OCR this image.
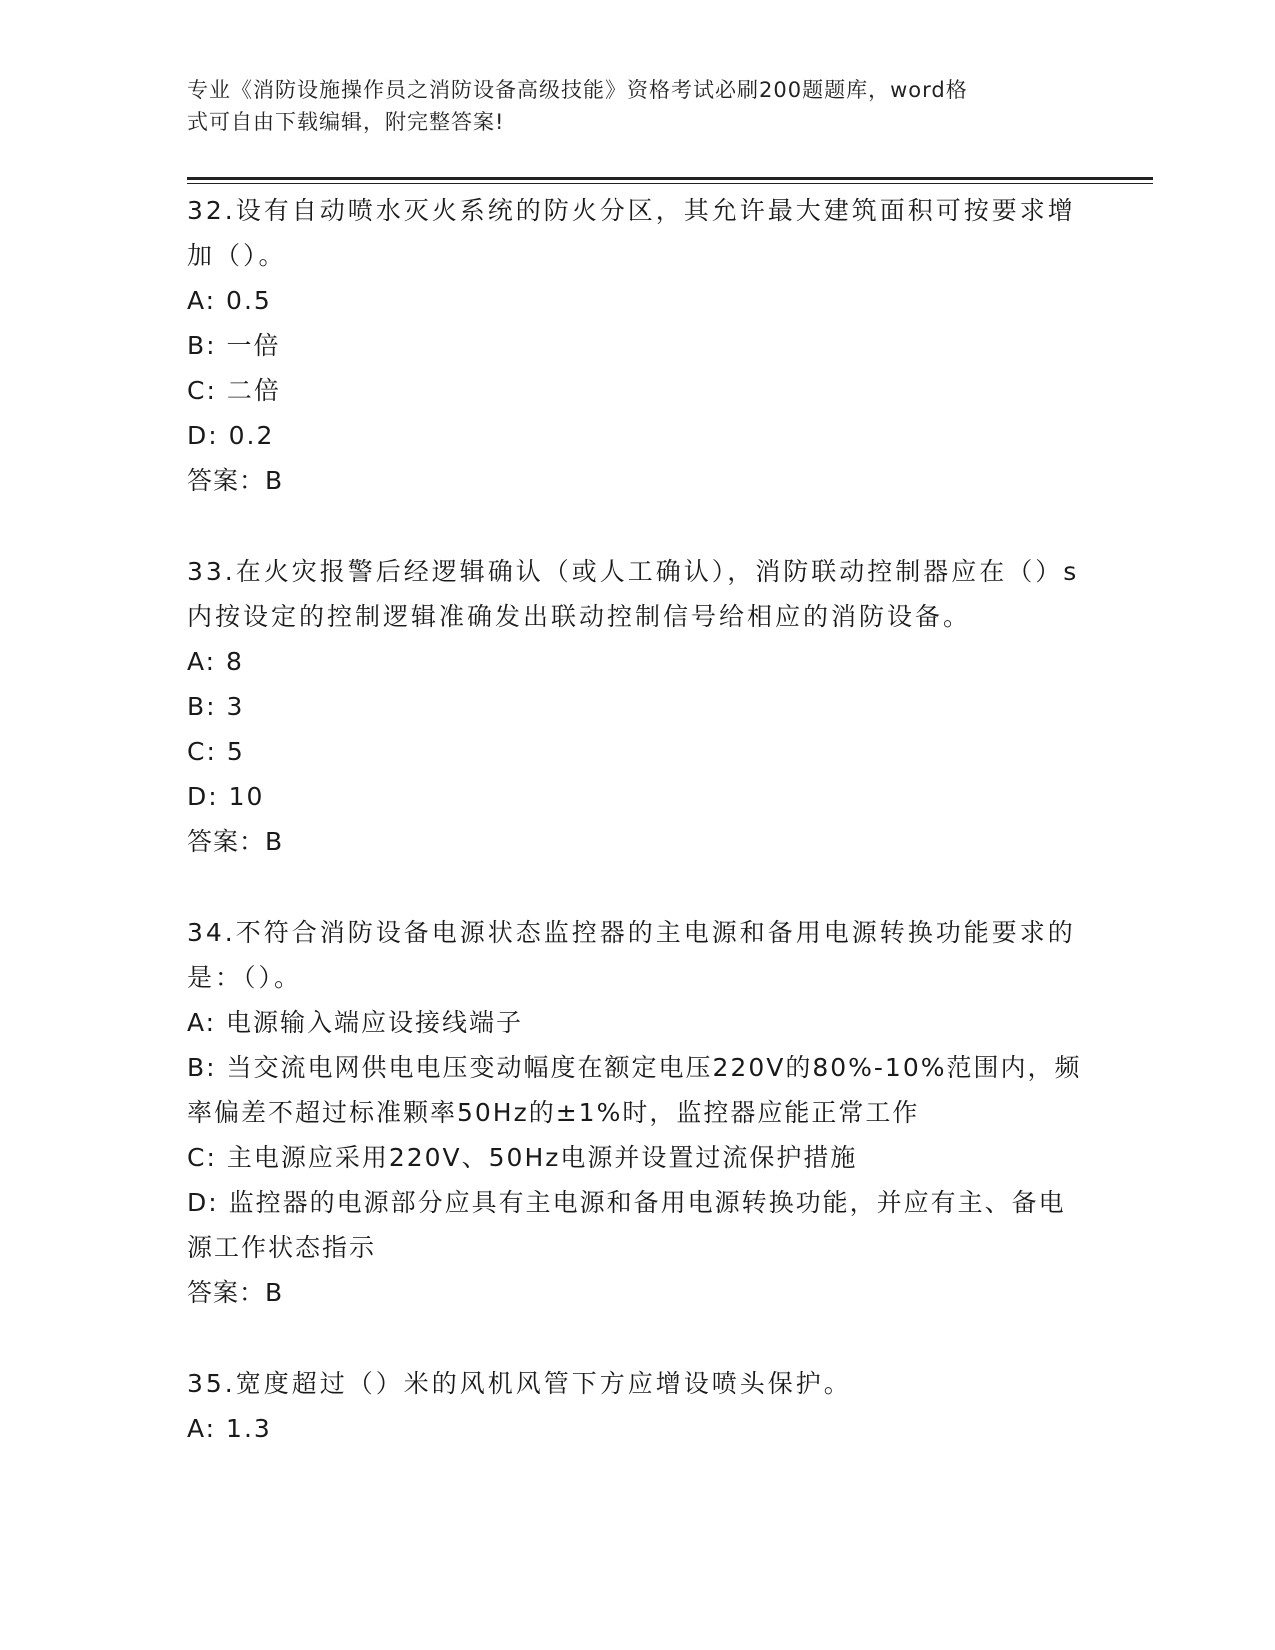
专业《消防设施操作员之消防设备高级技能》资格考试必刷200题题库，word格
式可自由下载编辑，附完整答案!

32.设有自动喷水灭火系统的防火分区，其允许最大建筑面积可按要求增加（）。

A: 0.5

B: 一倍

C: 二倍

D: 0.2

答案：B

33.在火灾报警后经逻辑确认（或人工确认），消防联动控制器应在（）s内按设定的控制逻辑准确发出联动控制信号给相应的消防设备。

A: 8

B: 3

C: 5

D: 10

答案：B

34.不符合消防设备电源状态监控器的主电源和备用电源转换功能要求的是：（）。

A: 电源输入端应设接线端子

B: 当交流电网供电电压变动幅度在额定电压220V的80%-10%范围内，频率偏差不超过标准颗率50Hz的±1%时，监控器应能正常工作

C: 主电源应采用220V、50Hz电源并设置过流保护措施

D: 监控器的电源部分应具有主电源和备用电源转换功能，并应有主、备电源工作状态指示

答案：B

35.宽度超过（）米的风机风管下方应增设喷头保护。

A: 1.3
